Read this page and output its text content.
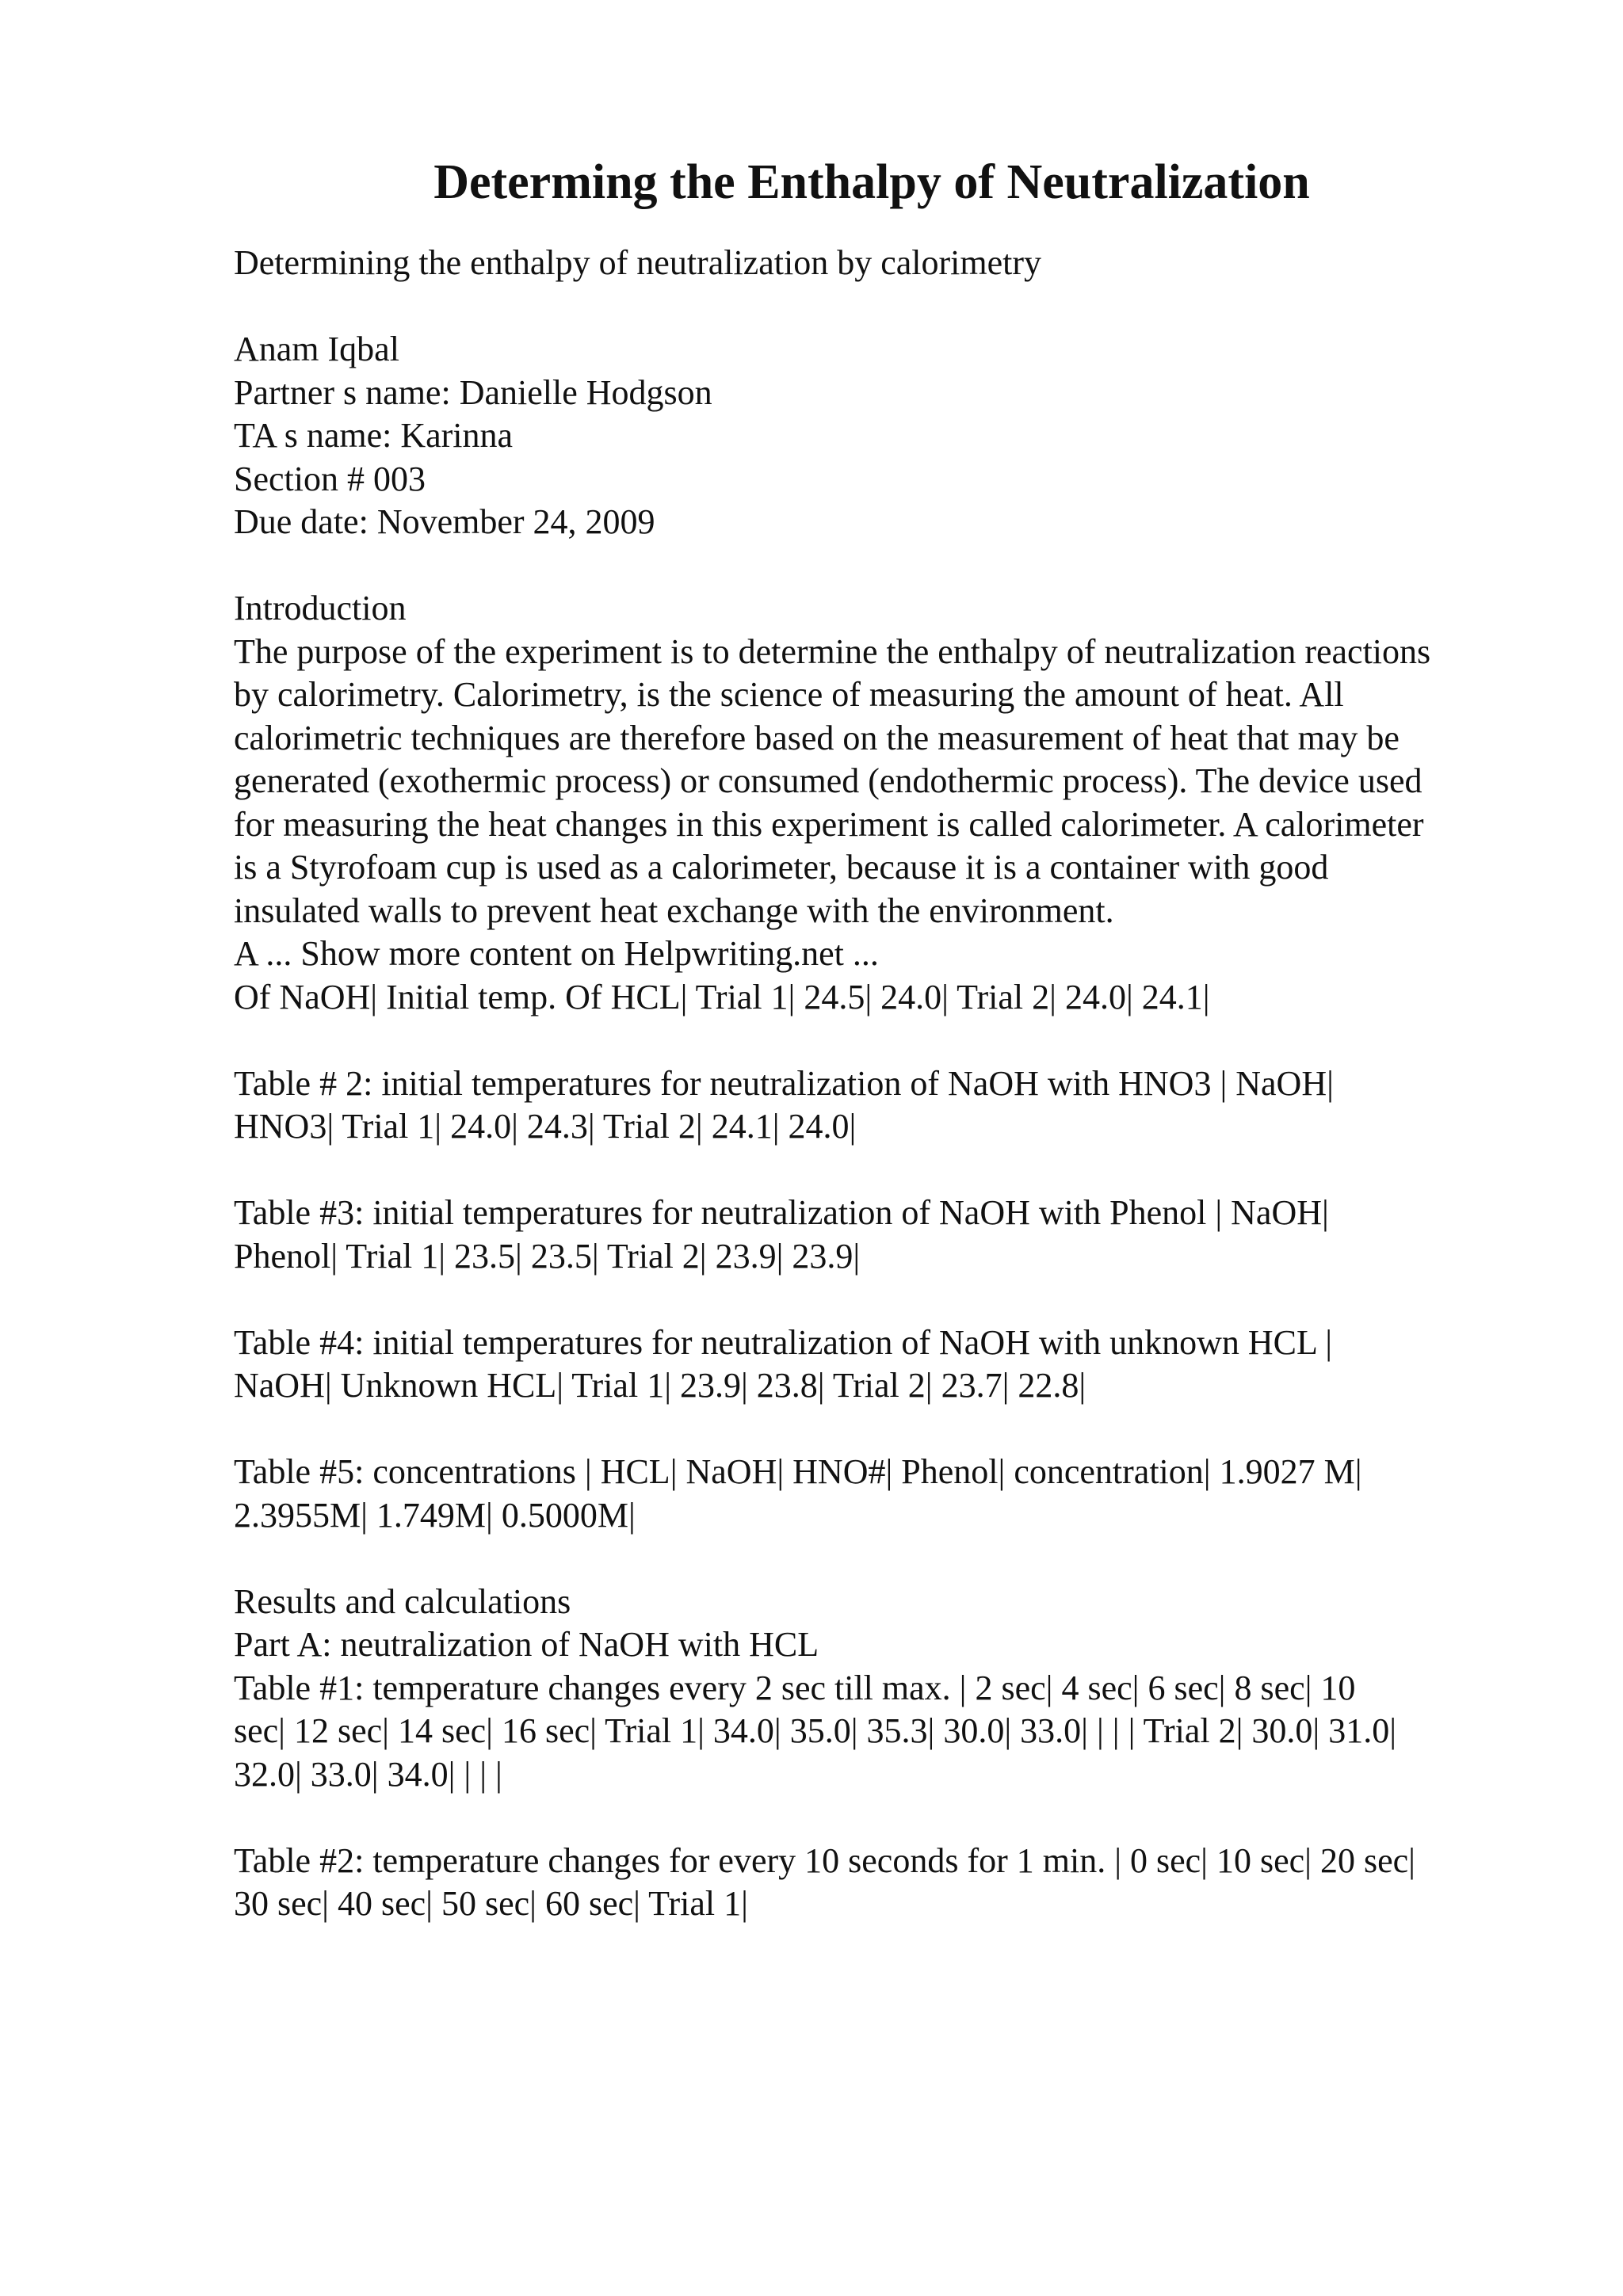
Determing the Enthalpy of Neutralization
Determining the enthalpy of neutralization by calorimetry
Anam Iqbal
Partner s name: Danielle Hodgson
TA s name: Karinna
Section # 003
Due date: November 24, 2009
Introduction
The purpose of the experiment is to determine the enthalpy of neutralization reactions
by calorimetry. Calorimetry, is the science of measuring the amount of heat. All
calorimetric techniques are therefore based on the measurement of heat that may be
generated (exothermic process) or consumed (endothermic process). The device used
for measuring the heat changes in this experiment is called calorimeter. A calorimeter
is a Styrofoam cup is used as a calorimeter, because it is a container with good
insulated walls to prevent heat exchange with the environment.
A ... Show more content on Helpwriting.net ...
Of NaOH| Initial temp. Of HCL| Trial 1| 24.5| 24.0| Trial 2| 24.0| 24.1|
Table # 2: initial temperatures for neutralization of NaOH with HNO3 | NaOH|
HNO3| Trial 1| 24.0| 24.3| Trial 2| 24.1| 24.0|
Table #3: initial temperatures for neutralization of NaOH with Phenol | NaOH|
Phenol| Trial 1| 23.5| 23.5| Trial 2| 23.9| 23.9|
Table #4: initial temperatures for neutralization of NaOH with unknown HCL |
NaOH| Unknown HCL| Trial 1| 23.9| 23.8| Trial 2| 23.7| 22.8|
Table #5: concentrations | HCL| NaOH| HNO#| Phenol| concentration| 1.9027 M|
2.3955M| 1.749M| 0.5000M|
Results and calculations
Part A: neutralization of NaOH with HCL
Table #1: temperature changes every 2 sec till max. | 2 sec| 4 sec| 6 sec| 8 sec| 10
sec| 12 sec| 14 sec| 16 sec| Trial 1| 34.0| 35.0| 35.3| 30.0| 33.0| | | | Trial 2| 30.0| 31.0|
32.0| 33.0| 34.0| | | |
Table #2: temperature changes for every 10 seconds for 1 min. | 0 sec| 10 sec| 20 sec|
30 sec| 40 sec| 50 sec| 60 sec| Trial 1|
